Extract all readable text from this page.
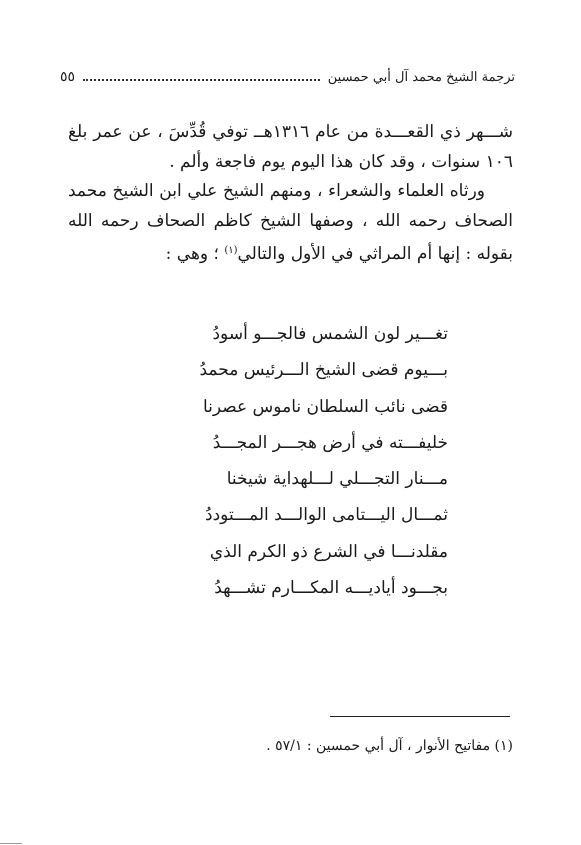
ترجمة الشيخ محمد آل أبي حمسين
٥٥

شـــهر ذي القعـــدة من عام ١٣١٦هــ توفي قُدِّسَ ، عن عمر بلغ ١٠٦ سنوات ، وقد كان هذا اليوم يوم فاجعة وألم .

ورثاه العلماء والشعراء ، ومنهم الشيخ علي ابن الشيخ محمد الصحاف رحمه الله ، وصفها الشيخ كاظم الصحاف رحمه الله بقوله : إنها أم المراثي في الأول والتالي$^{(١)}$ ؛ وهي :

تغـــير لون الشمس فالجـــو أسودُ
بـــيوم قضى الشيخ الـــرئيس محمدُ
قضى نائب السلطان ناموس عصرنا
خليفـــته في أرض هجـــر المجـــدُ
مـــنار التجـــلي لـــلهداية شيخنا
ثمـــال اليـــتامى الوالـــد المـــتوددُ
مقلدنـــا في الشرع ذو الكرم الذي
بجـــود أياديـــه المكـــارم تشـــهدُ
(١) مفاتيح الأنوار ، آل أبي حمسين : ٥٧/١ .
